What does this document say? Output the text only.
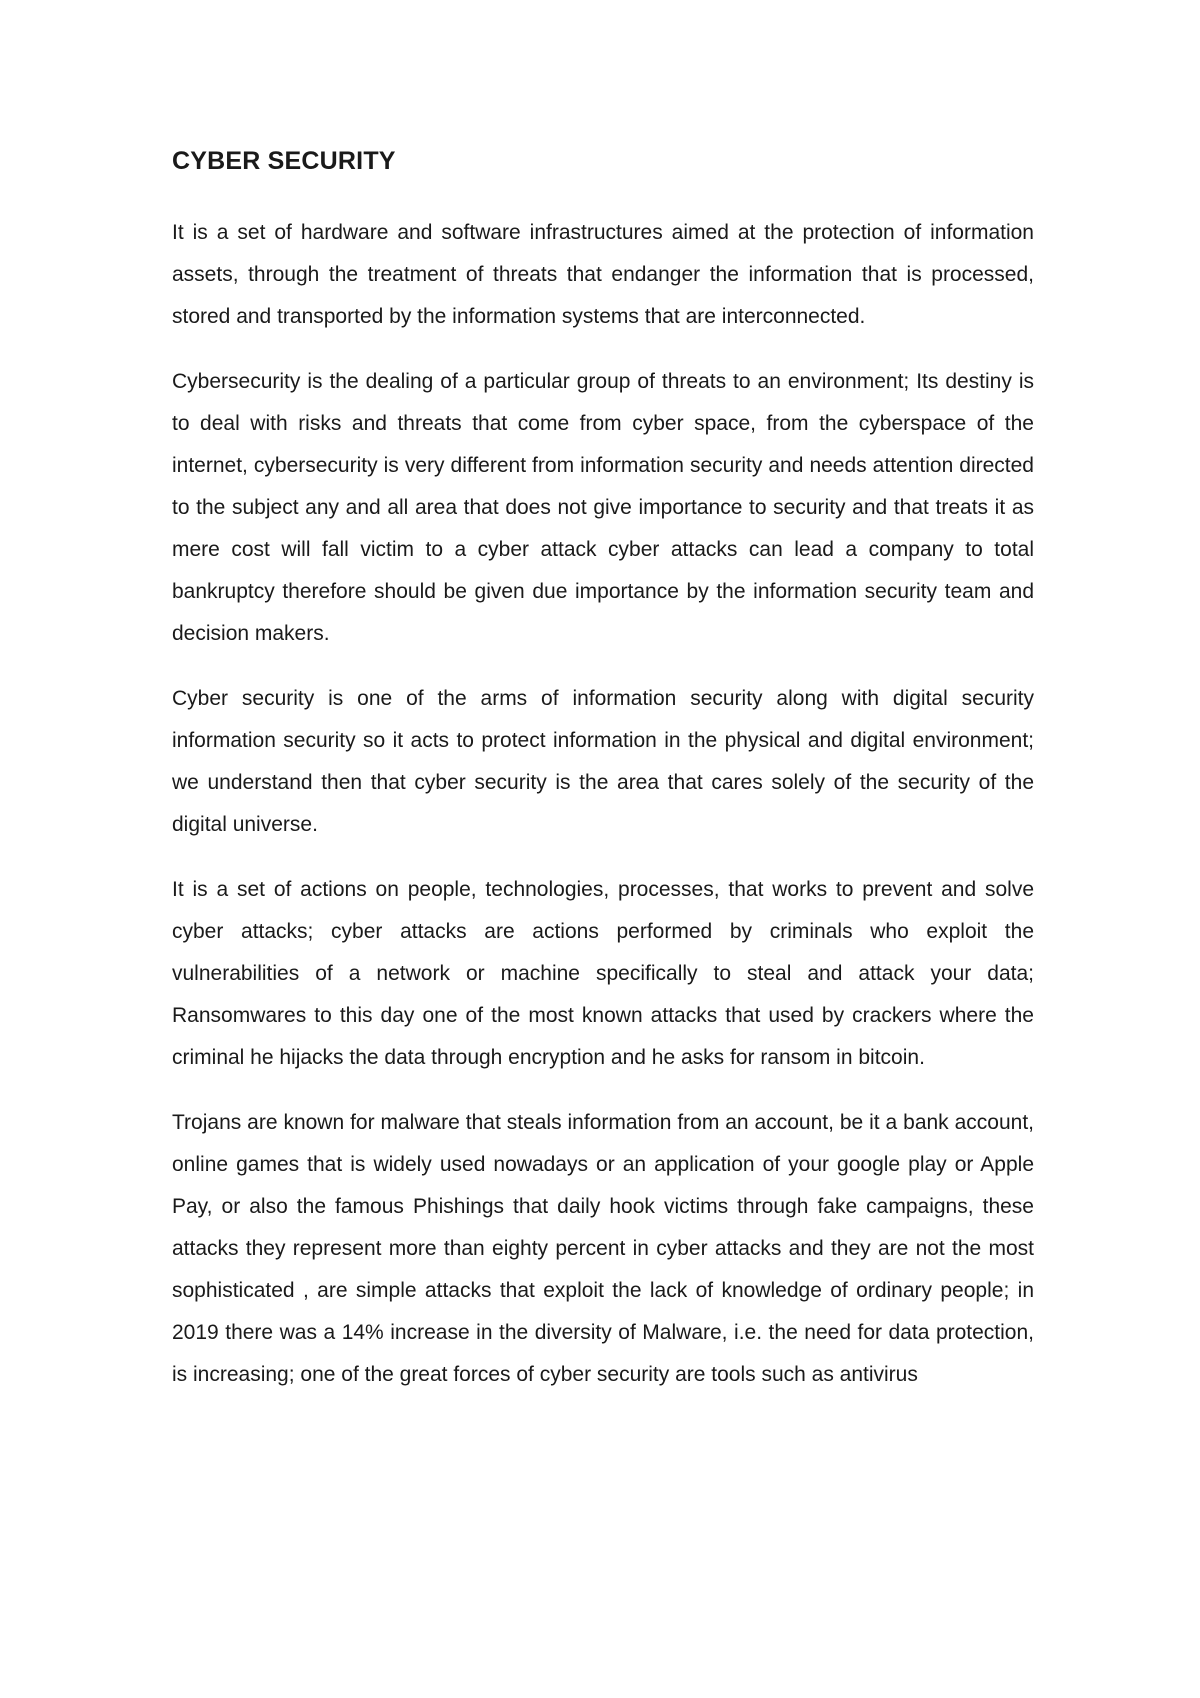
CYBER SECURITY

It is a set of hardware and software infrastructures aimed at the protection of information assets, through the treatment of threats that endanger the information that is processed, stored and transported by the information systems that are interconnected.

Cybersecurity is the dealing of a particular group of threats to an environment; Its destiny is to deal with risks and threats that come from cyber space, from the cyberspace of the internet, cybersecurity is very different from information security and needs attention directed to the subject any and all area that does not give importance to security and that treats it as mere cost will fall victim to a cyber attack cyber attacks can lead a company to total bankruptcy therefore should be given due importance by the information security team and decision makers.

Cyber security is one of the arms of information security along with digital security information security so it acts to protect information in the physical and digital environment; we understand then that cyber security is the area that cares solely of the security of the digital universe.

It is a set of actions on people, technologies, processes, that works to prevent and solve cyber attacks; cyber attacks are actions performed by criminals who exploit the vulnerabilities of a network or machine specifically to steal and attack your data; Ransomwares to this day one of the most known attacks that used by crackers where the criminal he hijacks the data through encryption and he asks for ransom in bitcoin.

Trojans are known for malware that steals information from an account, be it a bank account, online games that is widely used nowadays or an application of your google play or Apple Pay, or also the famous Phishings that daily hook victims through fake campaigns, these attacks they represent more than eighty percent in cyber attacks and they are not the most sophisticated , are simple attacks that exploit the lack of knowledge of ordinary people; in 2019 there was a 14% increase in the diversity of Malware, i.e. the need for data protection, is increasing; one of the great forces of cyber security are tools such as antivirus
